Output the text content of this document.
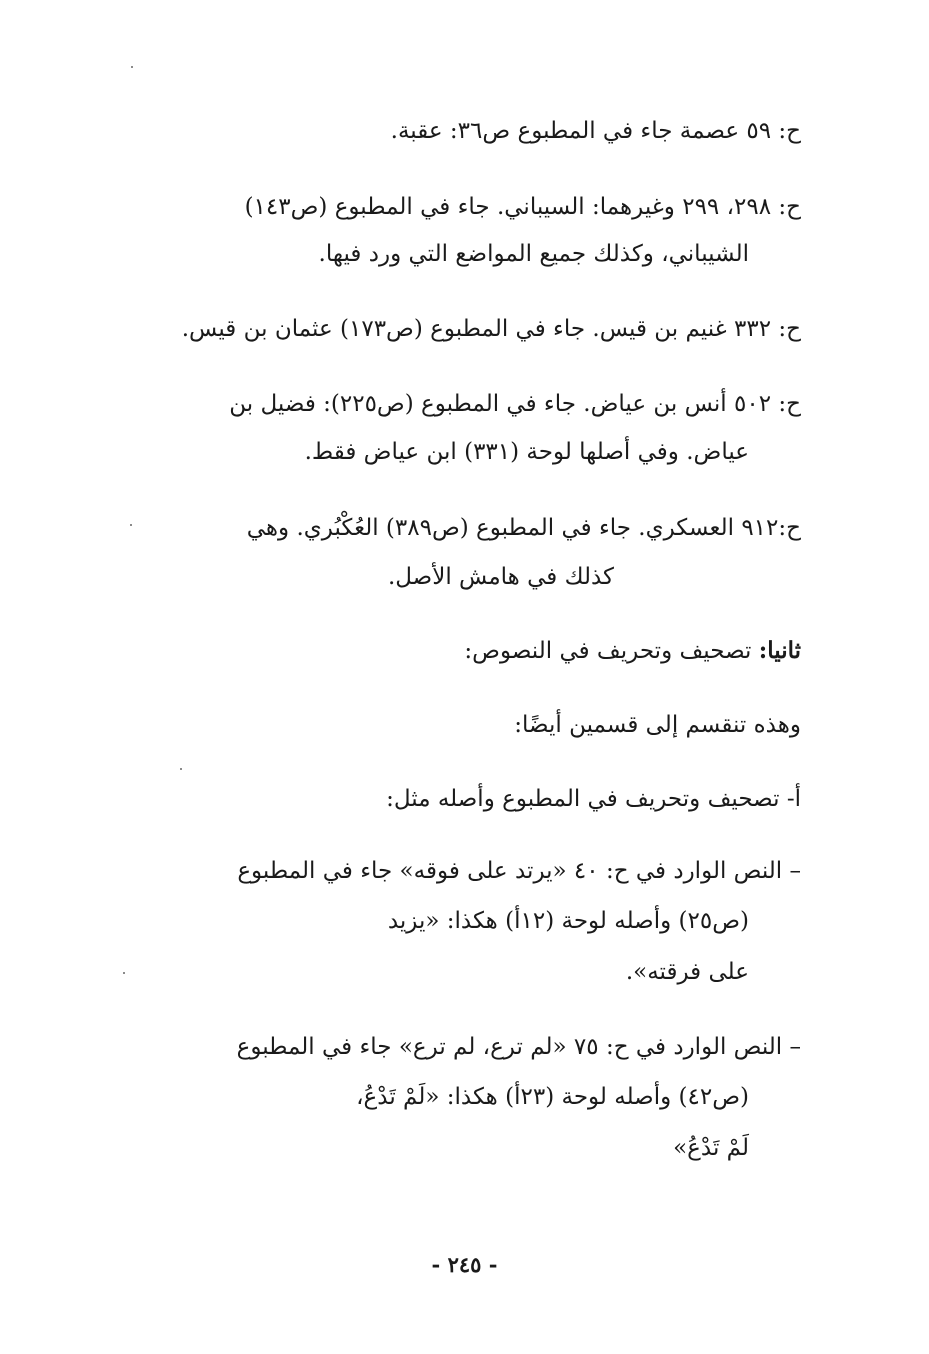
ح: ٥٩ عصمة جاء في المطبوع ص٣٦: عقبة.
ح: ٢٩٨، ٢٩٩ وغيرهما: السيباني. جاء في المطبوع (ص١٤٣)
الشيباني، وكذلك جميع المواضع التي ورد فيها.
ح: ٣٣٢ غنيم بن قيس. جاء في المطبوع (ص١٧٣) عثمان بن قيس.
ح: ٥٠٢ أنس بن عياض. جاء في المطبوع (ص٢٢٥): فضيل بن
عياض. وفي أصلها لوحة (٣٣١) ابن عياض فقط.
ح:٩١٢ العسكري. جاء في المطبوع (ص٣٨٩) العُكْبُري. وهي
كذلك في هامش الأصل.
ثانيا: تصحيف وتحريف في النصوص:
وهذه تنقسم إلى قسمين أيضًا:
أ- تصحيف وتحريف في المطبوع وأصله مثل:
– النص الوارد في ح: ٤٠ «يرتد على فوقه» جاء في المطبوع
(ص٢٥) وأصله لوحة (١٢أ) هكذا: «يزيد
على فرقته».
– النص الوارد في ح: ٧٥ «لم ترع، لم ترع» جاء في المطبوع
(ص٤٢) وأصله لوحة (٢٣أ) هكذا: «لَمْ تَدْعُ،
لَمْ تَدْعُ»
- ٢٤٥ -
